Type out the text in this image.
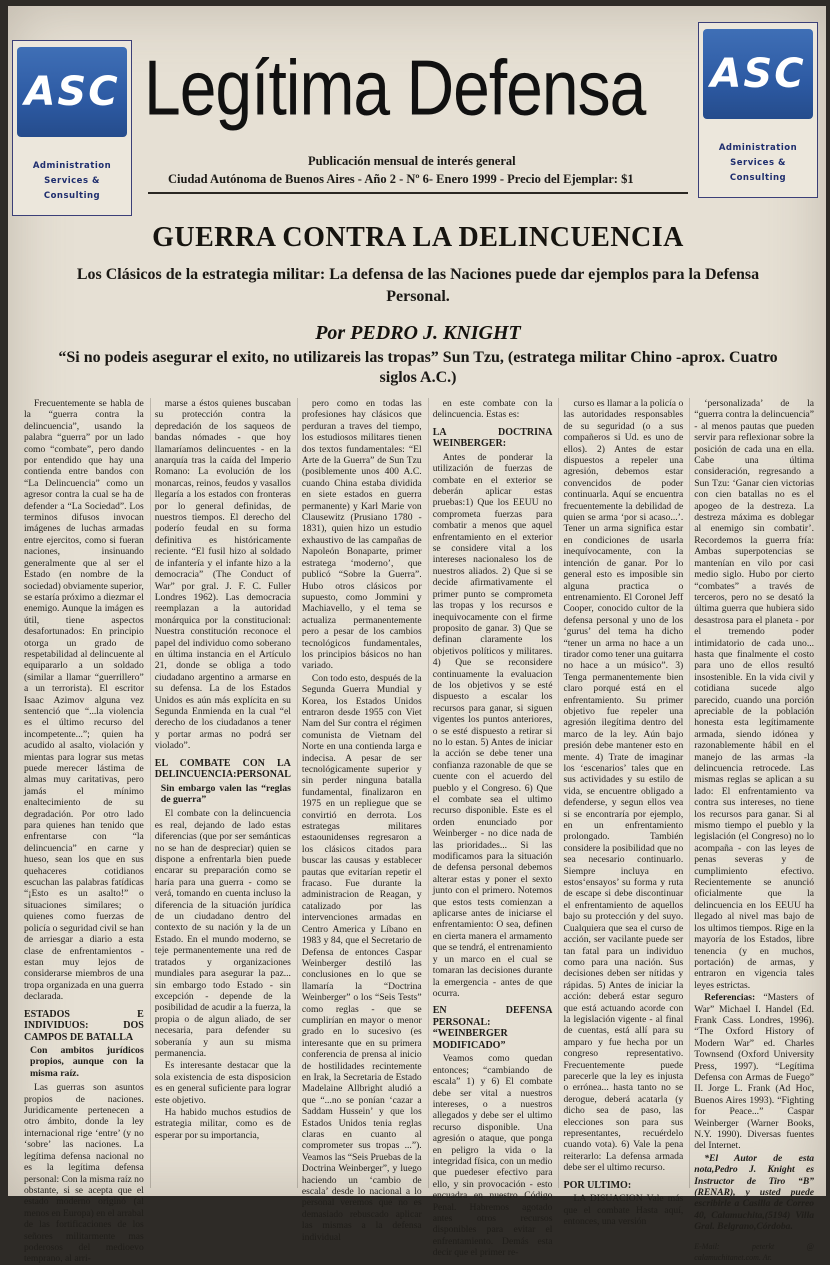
ASC
Administration Services & Consulting
ASC
Administration Services & Consulting
Legítima Defensa
Publicación mensual de interés general
Ciudad Autónoma de Buenos Aires - Año 2 - Nº 6- Enero 1999 - Precio del Ejemplar: $1
GUERRA CONTRA LA DELINCUENCIA
Los Clásicos de la estrategia militar: La defensa de las Naciones puede dar ejemplos para la Defensa Personal.
Por PEDRO J. KNIGHT
“Si no podeis asegurar el exito, no utilizareis las tropas” Sun Tzu, (estratega militar Chino -aprox. Cuatro siglos A.C.)

Frecuentemente se habla de la “guerra contra la delincuencia”, usando la palabra “guerra” por un lado como “combate”, pero dando por entendido que hay una contienda entre bandos con “La Delincuencia” como un agresor contra la cual se ha de defender a “La Sociedad”. Los terminos difusos invocan imágenes de luchas armadas entre ejercitos, como si fueran naciones, insinuando generalmente que al ser el Estado (en nombre de la sociedad) obviamente superior, se estaría próximo a diezmar el enemigo. Aunque la imágen es útil, tiene aspectos desafortunados: En principio otorga un grado de respetabilidad al delincuente al equipararlo a un soldado (similar a llamar “guerrillero” a un terrorista). El escritor Isaac Azimov alguna vez sentenció que “...la violencia es el último recurso del incompetente...”; quien ha acudido al asalto, violación y mientas para lograr sus metas puede merecer lástima de almas muy caritativas, pero jamás el mínimo enaltecimiento de su degradación. Por otro lado para quienes han tenido que enfrentarse con “la delincuencia” en carne y hueso, sean los que en sus quehaceres cotidianos escuchan las palabras fatídicas “¡Esto es un asalto!” o situaciones similares; o quienes como fuerzas de policía o seguridad civil se han de arriesgar a diario a esta clase de enfrentamientos - estan muy lejos de considerarse miembros de una tropa organizada en una guerra declarada.

ESTADOS E INDIVIDUOS: DOS CAMPOS DE BATALLA
Con ambitos jurídicos propios, aunque con la misma raíz.

Las guerras son asuntos propios de naciones. Juridicamente pertenecen a otro ámbito, donde la ley internacional rige ‘entre’ (y no ‘sobre’ las naciones. La legítima defensa nacional no es la legítima defensa personal: Con la misma raíz no obstante, si se acepta que el estado moderno originó (al menos en Europa) en el arrabal de las fortificaciones de los señores militarmente mas poderosos del medioevo temprano, al arri-

marse a éstos quienes buscaban su protección contra la depredación de los saqueos de bandas nómades - que hoy llamaríamos delincuentes - en la anarquía tras la caída del Imperio Romano: La evolución de los monarcas, reinos, feudos y vasallos llegaría a los estados con fronteras por lo general definidas, de nuestros tiempos. El derecho del poderío feudal en su forma definitiva es históricamente reciente. “El fusil hizo al soldado de infantería y el infante hizo a la democracia” (The Conduct of War” por gral. J. F. C. Fuller Londres 1962). Las democracia reemplazan a la autoridad monárquica por la constitucional: Nuestra constitución reconoce el papel del individuo como soberano en última instancia en el Artículo 21, donde se obliga a todo ciudadano argentino a armarse en su defensa. La de los Estados Unidos es aún más explícita en su Segunda Enmienda en la cual “el derecho de los ciudadanos a tener y portar armas no podrá ser violado”.

EL COMBATE CON LA DELINCUENCIA:PERSONAL
Sin embargo valen las “reglas de guerra”

El combate con la delincuencia es real, dejando de lado estas diferencias (que por ser semánticas no se han de despreciar) quien se dispone a enfrentarla bien puede encarar su preparación como se haría para una guerra - como se verá, tomando en cuenta incluso la diferencia de la situación jurídica de un ciudadano dentro del contexto de su nación y la de un Estado. En el mundo moderno, se teje permanentemente una red de tratados y organizaciones mundiales para asegurar la paz... sin embargo todo Estado - sin excepción - depende de la posibilidad de acudir a la fuerza, la propia o de algun aliado, de ser necesaria, para defender su soberanía y aun su misma permanencia.

Es interesante destacar que la sola existencia de esta disposicion es en general suficiente para lograr este objetivo.

Ha habido muchos estudios de estrategia militar, como es de esperar por su importancia,

pero como en todas las profesiones hay clásicos que perduran a traves del tiempo, los estudiosos militares tienen dos textos fundamentales: “El Arte de la Guerra” de Sun Tzu (posiblemente unos 400 A.C. cuando China estaba dividida en siete estados en guerra permanente) y Karl Marie von Clausewitz (Prusiano 1780 - 1831), quien hizo un estudio exhaustivo de las campañas de Napoleón Bonaparte, primer estratega ‘moderno’, que publicó “Sobre la Guerra”. Hubo otros clásicos por supuesto, como Jommini y Machiavello, y el tema se actualiza permanentemente pero a pesar de los cambios tecnológicos fundamentales, los principios básicos no han variado.

Con todo esto, después de la Segunda Guerra Mundial y Korea, los Estados Unidos entraron desde 1955 con Viet Nam del Sur contra el régimen comunista de Vietnam del Norte en una contienda larga e indecisa. A pesar de ser tecnológicamente superior y sin perder ninguna batalla fundamental, finalizaron en 1975 en un repliegue que se convirtió en derrota. Los estrategas militares estaounidenses regresaron a los clásicos citados para buscar las causas y establecer pautas que evitarían repetir el fracaso. Fue durante la administracion de Reagan, y catalizado por las intervenciones armadas en Centro America y Líbano en 1983 y 84, que el Secretario de Defensa de entonces Caspar Weinberger destiló las conclusiones en lo que se llamaría la “Doctrina Weinberger” o los “Seis Tests” como reglas - que se cumplirían en mayor o menor grado en lo sucesivo (es interesante que en su primera conferencia de prensa al inicio de hostilidades recintemente en Irak, la Secretaria de Estado Madelaine Allbright aludió a que “...no se ponían ‘cazar a Saddam Hussein’ y que los Estados Unidos tenia reglas claras en cuanto al comprometer sus tropas ...”). Veamos las “Seis Pruebas de la Doctrina Weinberger”, y luego haciendo un ‘cambio de escala’ desde lo nacional a lo personal veremos que no es demasiado rebuscado aplicar las mismas a la defensa individual

en este combate con la delincuencia. Estas es:

LA DOCTRINA WEINBERGER:

Antes de ponderar la utilización de fuerzas de combate en el exterior se deberán aplicar estas pruebas:1) Que los EEUU no comprometa fuerzas para combatir a menos que aquel enfrentamiento en el exterior se considere vital a los intereses nacionaleso los de nuestros aliados. 2) Que si se decide afirmativamente el primer punto se comprometa las tropas y los recursos e inequivocamente con el firme proposito de ganar. 3) Que se definan claramente los objetivos políticos y militares. 4) Que se reconsidere continuamente la evaluacion de los objetivos y se esté dispuesto a escalar los recursos para ganar, si siguen vigentes los puntos anteriores, o se esté dispuesto a retirar si no lo estan. 5) Antes de iniciar la acción se debe tener una confianza razonable de que se cuente con el acuerdo del pueblo y el Congreso. 6) Que el combate sea el ultimo recurso disponible. Este es el orden enunciado por Weinberger - no dice nada de las prioridades... Si las modificamos para la situación de defensa personal debemos alterar estas y poner el sexto junto con el primero. Notemos que estos tests comienzan a aplicarse antes de iniciarse el enfrentamiento: O sea, definen en cierta manera el armamento que se tendrá, el entrenamiento y un marco en el cual se tomaran las decisiones durante la emergencia - antes de que ocurra.

EN DEFENSA PERSONAL: “WEINBERGER MODIFICADO”

Veamos como quedan entonces; “cambiando de escala” 1) y 6) El combate debe ser vital a nuestros intereses, o a nuestros allegados y debe ser el ultimo recurso disponible. Una agresión o ataque, que ponga en peligro la vida o la integridad física, con un medio que puedeser efectivo para ello, y sin provocación - esto encuadra en nuestro Código Penal. Habremos agotado antes otros recursos disponibles para evitar el enfrentamiento. Demás esta decir que el primer re-

curso es llamar a la policía o las autoridades responsables de su seguridad (o a sus compañeros si Ud. es uno de ellos). 2) Antes de estar dispuestos a repeler una agresión, debemos estar convencidos de poder continuarla. Aquí se encuentra frecuentemente la debilidad de quien se arma ‘por si acaso...’. Tener un arma significa estar en condiciones de usarla inequívocamente, con la intención de ganar. Por lo general esto es imposible sin alguna practica o entrenamiento. El Coronel Jeff Cooper, conocido cultor de la defensa personal y uno de los ‘gurus’ del tema ha dicho “tener un arma no hace a un tirador como tener una guitarra no hace a un músico”. 3) Tenga permanentemente bien claro porqué está en el enfrentamiento. Su primer objetivo fue repeler una agresión ilegítima dentro del marco de la ley. Aún bajo presión debe mantener esto en mente. 4) Trate de imaginar los ‘escenarios’ tales que en sus actividades y su estilo de vida, se encuentre obligado a defenderse, y segun ellos vea si se encontraría por ejemplo, en un enfrentamiento prolongado. También considere la posibilidad que no sea necesario continuarlo. Siempre incluya en estos‘ensayos’ su forma y ruta de escape si debe discontinuar el enfrentamiento de aquellos bajo su protección y del suyo. Cualquiera que sea el curso de acción, ser vacilante puede ser tan fatal para un individuo como para una nación. Sus decisiones deben ser nítidas y rápidas. 5) Antes de iniciar la acción: deberá estar seguro que está actuando acorde con la legislación vigente - al final de cuentas, está allí para su amparo y fue hecha por un congreso representativo. Frecuentemente puede parecerle que la ley es injusta o errónea... hasta tanto no se derogue, deberá acatarla (y dicho sea de paso, las elecciones son para sus representantes, recuérdelo cuando vota). 6) Vale la pena reiterarlo: La defensa armada debe ser el ultimo recurso.

POR ULTIMO:

LA DISUACION Vale más que el combate Hasta aquí, entonces, una versión

‘personalizada’ de la “guerra contra la delincuencia” - al menos pautas que pueden servir para reflexionar sobre la posición de cada una en ella. Cabe una última consideración, regresando a Sun Tzu: ‘Ganar cien victorias con cien batallas no es el apogeo de la destreza. La destreza máxima es doblegar al enemigo sin combatir’. Recordemos la guerra fría: Ambas superpotencias se mantenían en vilo por casi medio siglo. Hubo por cierto “combates” a través de terceros, pero no se desató la última guerra que hubiera sido desastrosa para el planeta - por el tremendo poder intimidatorio de cada uno... hasta que finalmente el costo para uno de ellos resultó insostenible. En la vida civil y cotidiana sucede algo parecido, cuando una porción apreciable de la población honesta esta legítimamente armada, siendo idónea y razonablemente hábil en el manejo de las armas -la delincuencia retrocede. Las mismas reglas se aplican a su lado: El enfrentamiento va contra sus intereses, no tiene los recursos para ganar. Si al mismo tiempo el pueblo y la legislación (el Congreso) no lo acompaña - con las leyes de penas severas y de cumplimiento efectivo. Recientemente se anunció oficialmente que la delincuencia en los EEUU ha llegado al nivel mas bajo de los ultimos tiempos. Rige en la mayoría de los Estados, libre tenencia (y en muchos, portación) de armas, y entraron en vigencia tales leyes estrictas.

Referencias: “Masters of War” Michael I. Handel (Ed. Frank Cass. Londres, 1996). “The Oxford History of Modern War” ed. Charles Townsend (Oxford University Press, 1997). “Legítima Defensa con Armas de Fuego” II. Jorge L. Frank (Ad Hoc, Buenos Aires 1993). “Fighting for Peace...” Caspar Weinberger (Warner Books, N.Y. 1990). Diversas fuentes del Internet.

*El Autor de esta nota,Pedro J. Knight es Instructor de Tiro “B” (RENAR), y usted puede escribirle a Casilla de Correo 40, Calamuchita,(5194) Villa Gral. Belgrano,Córdoba.

E-Mail: peterkt @ calamuchitanet.com. Ar.
